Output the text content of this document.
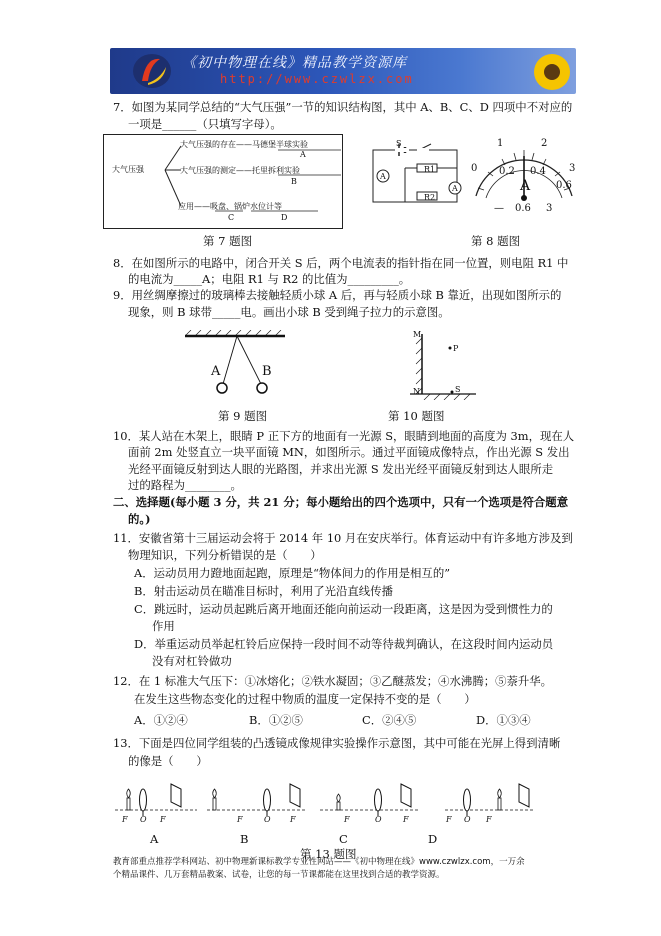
《初中物理在线》精品教学资源库
http://www.czwlzx.com
7．如图为某同学总结的“大气压强”一节的知识结构图，其中 A、B、C、D 四项中不对应的
一项是______（只填写字母）。
大气压强
大气压强的存在——马德堡半球实验
A
大气压强的测定——托里拆利实验
B
应用——吸盘、锅炉水位计等
C	D
第 7 题图
S
A
A
R1
R2
0
1	2
3
0.2 0.4
0.6
A
— 0.6 3
第 8 题图
8．在如图所示的电路中，闭合开关 S 后，两个电流表的指针指在同一位置，则电阻 R1 中
的电流为_____A；电阻 R1 与 R2 的比值为_________。
9．用丝绸摩擦过的玻璃棒去接触轻质小球 A 后，再与轻质小球 B 靠近，出现如图所示的
现象，则 B 球带_____电。画出小球 B 受到绳子拉力的示意图。
A	B
第 9 题图
M
N
P
S
第 10 题图
10．某人站在木架上，眼睛 P 正下方的地面有一光源 S，眼睛到地面的高度为 3m，现在人
面前 2m 处竖直立一块平面镜 MN，如图所示。通过平面镜成像特点，作出光源 S 发出
光经平面镜反射到达人眼的光路图，并求出光源 S 发出光经平面镜反射到达人眼所走
过的路程为________。
二、选择题(每小题 3 分，共 21 分；每小题给出的四个选项中，只有一个选项是符合题意
的。)
11．安徽省第十三届运动会将于 2014 年 10 月在安庆举行。体育运动中有许多地方涉及到
物理知识，下列分析错误的是（　　）
A．运动员用力蹬地面起跑，原理是“物体间力的作用是相互的”
B．射击运动员在瞄准目标时，利用了光沿直线传播
C．跳远时，运动员起跳后离开地面还能向前运动一段距离，这是因为受到惯性力的
作用
D．举重运动员举起杠铃后应保持一段时间不动等待裁判确认，在这段时间内运动员
没有对杠铃做功
12．在 1 标准大气压下：①冰熔化；②铁水凝固；③乙醚蒸发；④水沸腾；⑤萘升华。
在发生这些物态变化的过程中物质的温度一定保持不变的是（　　）
A．①②④	B．①②⑤	C．②④⑤	D．①③④
13．下面是四位同学组装的凸透镜成像规律实验操作示意图，其中可能在光屏上得到清晰
的像是（　　）
F O F	F	O F	F	O	F	F O F
A	B	C	D
第 13 题图
教育部重点推荐学科网站、初中物理新课标教学专业性网站——《初中物理在线》www.czwlzx.com，一万余
个精品课件、几万套精品教案、试卷，让您的每一节课都能在这里找到合适的教学资源。
